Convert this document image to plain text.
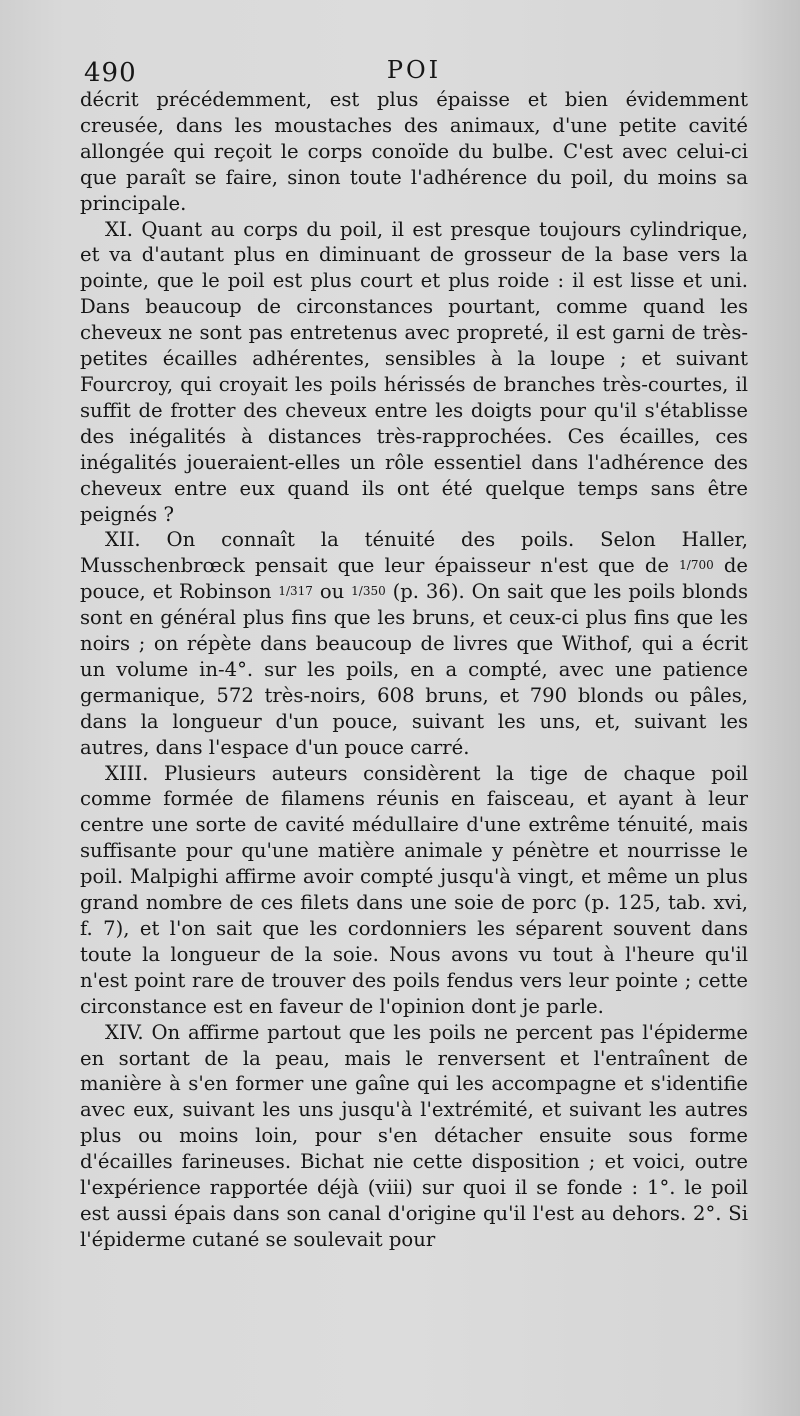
490	POI

décrit précédemment, est plus épaisse et bien évidemment creusée, dans les moustaches des animaux, d'une petite cavité allongée qui reçoit le corps conoïde du bulbe. C'est avec celui-ci que paraît se faire, sinon toute l'adhérence du poil, du moins sa principale.

XI. Quant au corps du poil, il est presque toujours cylindrique, et va d'autant plus en diminuant de grosseur de la base vers la pointe, que le poil est plus court et plus roide : il est lisse et uni. Dans beaucoup de circonstances pourtant, comme quand les cheveux ne sont pas entretenus avec propreté, il est garni de très-petites écailles adhérentes, sensibles à la loupe ; et suivant Fourcroy, qui croyait les poils hérissés de branches très-courtes, il suffit de frotter des cheveux entre les doigts pour qu'il s'établisse des inégalités à distances très-rapprochées. Ces écailles, ces inégalités joueraient-elles un rôle essentiel dans l'adhérence des cheveux entre eux quand ils ont été quelque temps sans être peignés ?

XII. On connaît la ténuité des poils. Selon Haller, Musschenbrœck pensait que leur épaisseur n'est que de 1/700 de pouce, et Robinson 1/317 ou 1/350 (p. 36). On sait que les poils blonds sont en général plus fins que les bruns, et ceux-ci plus fins que les noirs ; on répète dans beaucoup de livres que Withof, qui a écrit un volume in-4°. sur les poils, en a compté, avec une patience germanique, 572 très-noirs, 608 bruns, et 790 blonds ou pâles, dans la longueur d'un pouce, suivant les uns, et, suivant les autres, dans l'espace d'un pouce carré.

XIII. Plusieurs auteurs considèrent la tige de chaque poil comme formée de filamens réunis en faisceau, et ayant à leur centre une sorte de cavité médullaire d'une extrême ténuité, mais suffisante pour qu'une matière animale y pénètre et nourrisse le poil. Malpighi affirme avoir compté jusqu'à vingt, et même un plus grand nombre de ces filets dans une soie de porc (p. 125, tab. xvi, f. 7), et l'on sait que les cordonniers les séparent souvent dans toute la longueur de la soie. Nous avons vu tout à l'heure qu'il n'est point rare de trouver des poils fendus vers leur pointe ; cette circonstance est en faveur de l'opinion dont je parle.

XIV. On affirme partout que les poils ne percent pas l'épiderme en sortant de la peau, mais le renversent et l'entraînent de manière à s'en former une gaîne qui les accompagne et s'identifie avec eux, suivant les uns jusqu'à l'extrémité, et suivant les autres plus ou moins loin, pour s'en détacher ensuite sous forme d'écailles farineuses. Bichat nie cette disposition ; et voici, outre l'expérience rapportée déjà (viii) sur quoi il se fonde : 1°. le poil est aussi épais dans son canal d'origine qu'il l'est au dehors. 2°. Si l'épiderme cutané se soulevait pour
